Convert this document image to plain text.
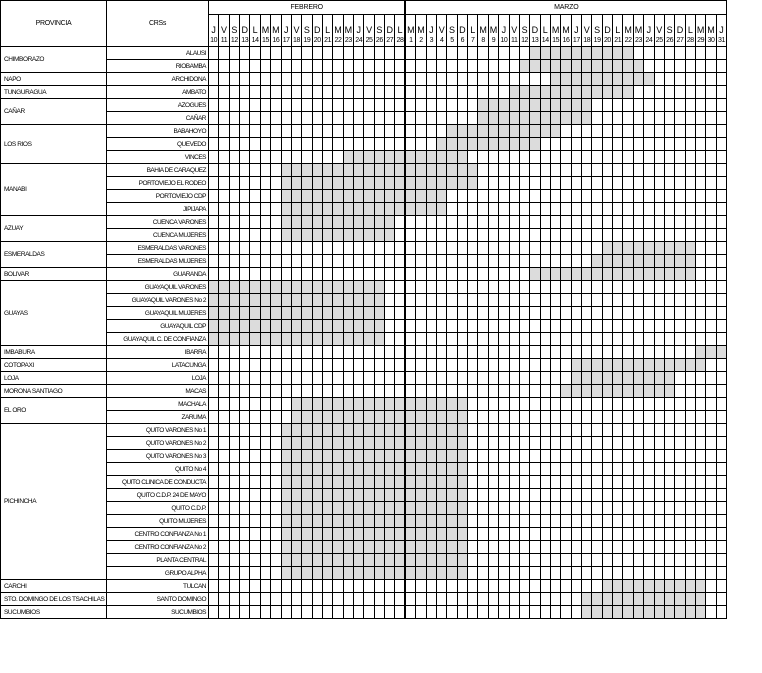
PROVINCIA	CRSs	FEBRERO																			MARZO																														
		J	V	S	D	L	M	M	J	V	S	D	L	M	M	J	V	S	D	L	M	M	J	V	S	D	L	M	M	J	V	S	D	L	M	M	J	V	S	D	L	M	M	J	V	S	D	L	M	M	J
		10	11	12	13	14	15	16	17	18	19	20	21	22	23	24	25	26	27	28	1	2	3	4	5	6	7	8	9	10	11	12	13	14	15	16	17	18	19	20	21	22	23	24	25	26	27	28	29	30	31
CHIMBORAZO	ALAUSI																																																		
	RIOBAMBA																																																		
NAPO	ARCHIDONA																																																		
TUNGURAGUA	AMBATO																																																		
CAÑAR	AZOGUES																																																		
	CAÑAR																																																		
LOS RIOS	BABAHOYO																																																		
	QUEVEDO																																																		
	VINCES																																																		
MANABI	BAHIA DE CARAQUEZ																																																		
	PORTOVIEJO EL RODEO																																																		
	PORTOVIEJO CDP																																																		
	JIPIJAPA																																																		
AZUAY	CUENCA VARONES																																																		
	CUENCA MUJERES																																																		
ESMERALDAS	ESMERALDAS VARONES																																																		
	ESMERALDAS MUJERES																																																		
BOLIVAR	GUARANDA																																																		
GUAYAS	GUAYAQUIL VARONES																																																		
	GUAYAQUIL VARONES No 2																																																		
	GUAYAQUIL MUJERES																																																		
	GUAYAQUIL CDP																																																		
	GUAYAQUIL C. DE CONFIANZA																																																		
IMBABURA	IBARRA																																																		
COTOPAXI	LATACUNGA																																																		
LOJA	LOJA																																																		
MORONA SANTIAGO	MACAS																																																		
EL ORO	MACHALA																																																		
	ZARUMA																																																		
PICHINCHA	QUITO VARONES No 1																																																		
	QUITO VARONES No 2																																																		
	QUITO VARONES No 3																																																		
	QUITO No 4																																																		
	QUITO CLINICA DE CONDUCTA																																																		
	QUITO C.D.P. 24 DE MAYO																																																		
	QUITO C.D.P.																																																		
	QUITO MUJERES																																																		
	CENTRO CONFIANZA No 1																																																		
	CENTRO CONFIANZA No 2																																																		
	PLANTA CENTRAL																																																		
	GRUPO ALPHA																																																		
CARCHI	TULCAN																																																		
STO. DOMINGO DE LOS TSACHILAS	SANTO DOMINGO																																																		
SUCUMBIOS	SUCUMBIOS																																																		
